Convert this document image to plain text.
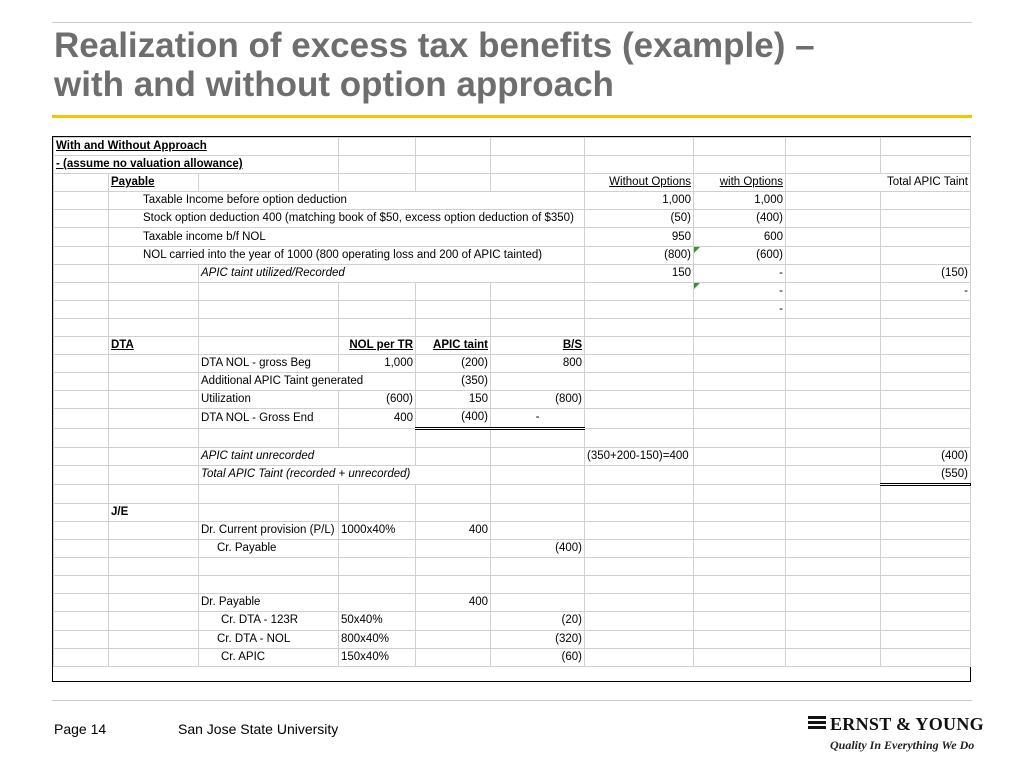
Realization of excess tax benefits (example) –
with and without option approach
With and Without Approach									
- (assume no valuation allowance)									
	Payable					Without Options	with Options	Total APIC Taint	
	Taxable Income before option deduction					1,000	1,000		
	Stock option deduction 400 (matching book of $50, excess option deduction of $350)					(50)	(400)		
	Taxable income b/f NOL					950	600		
	NOL carried into the year of 1000 (800 operating loss and 200 of APIC tainted)					(800)	(600)		
		APIC taint utilized/Recorded				150	-		(150)
							-		-
							-		

	DTA		NOL per TR	APIC taint	B/S				
		DTA NOL - gross Beg	1,000	(200)	800				
		Additional APIC Taint generated		(350)					
		Utilization	(600)	150	(800)				
		DTA NOL - Gross End	400	(400)	-				

		APIC taint unrecorded				(350+200-150)=400			(400)
		Total APIC Taint (recorded + unrecorded)							(550)

	J/E								
		Dr. Current provision (P/L)	1000x40%	400					
		Cr. Payable			(400)				

		Dr. Payable		400					
		Cr. DTA - 123R	50x40%		(20)				
		Cr. DTA - NOL	800x40%		(320)				
		Cr. APIC	150x40%		(60)				
Page 14	San Jose State University	ERNST & YOUNG
Quality In Everything We Do
